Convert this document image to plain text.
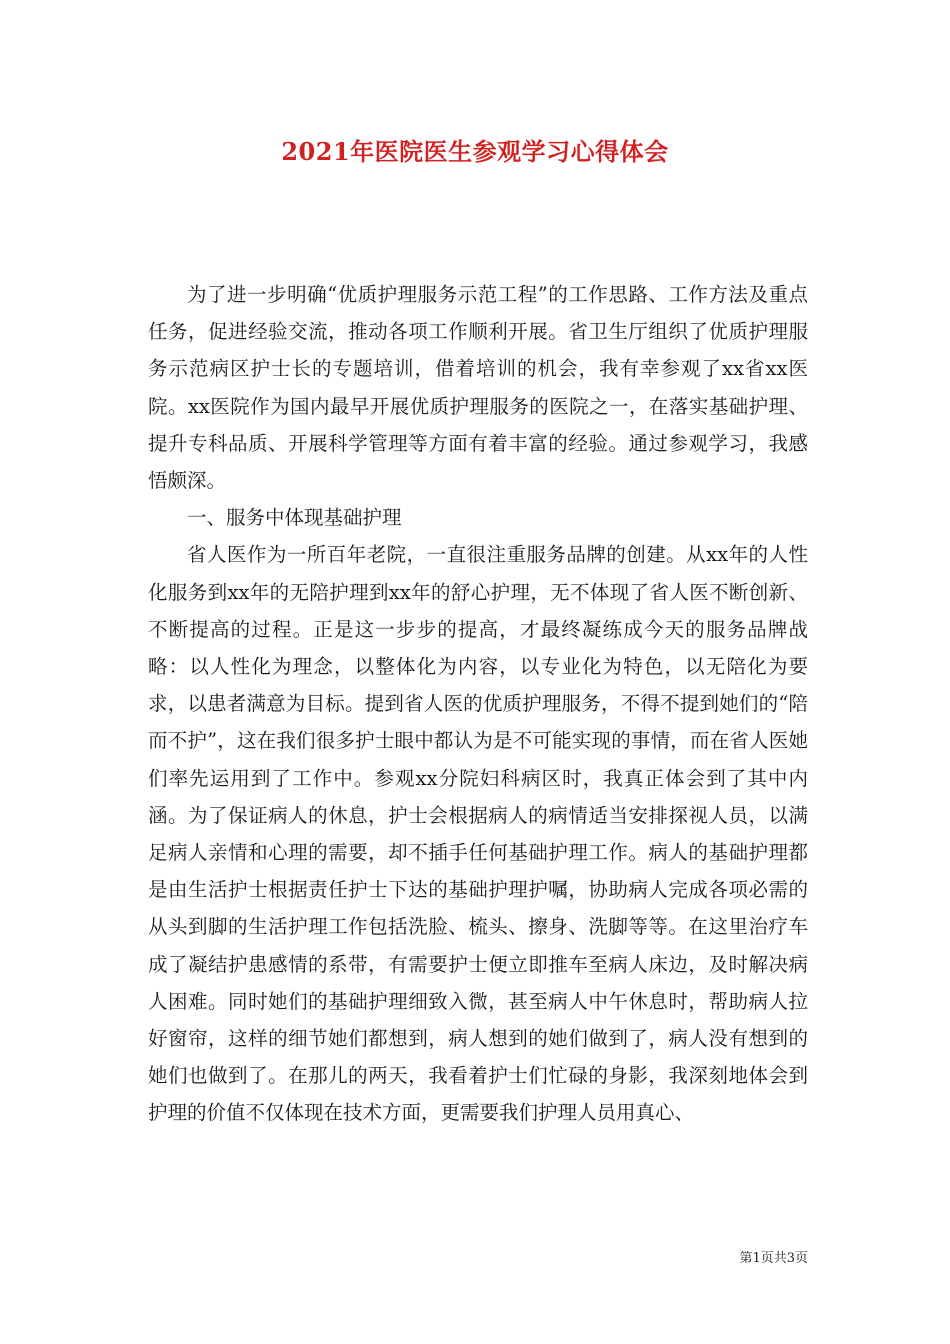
2021年医院医生参观学习心得体会

为了进一步明确“优质护理服务示范工程”的工作思路、工作方法及重点任务，促进经验交流，推动各项工作顺利开展。省卫生厅组织了优质护理服务示范病区护士长的专题培训，借着培训的机会，我有幸参观了xx省xx医院。xx医院作为国内最早开展优质护理服务的医院之一，在落实基础护理、提升专科品质、开展科学管理等方面有着丰富的经验。通过参观学习，我感悟颇深。

一、服务中体现基础护理

省人医作为一所百年老院，一直很注重服务品牌的创建。从xx年的人性化服务到xx年的无陪护理到xx年的舒心护理，无不体现了省人医不断创新、不断提高的过程。正是这一步步的提高，才最终凝练成今天的服务品牌战略：以人性化为理念，以整体化为内容，以专业化为特色，以无陪化为要求，以患者满意为目标。提到省人医的优质护理服务，不得不提到她们的“陪而不护”，这在我们很多护士眼中都认为是不可能实现的事情，而在省人医她们率先运用到了工作中。参观xx分院妇科病区时，我真正体会到了其中内涵。为了保证病人的休息，护士会根据病人的病情适当安排探视人员，以满足病人亲情和心理的需要，却不插手任何基础护理工作。病人的基础护理都是由生活护士根据责任护士下达的基础护理护嘱，协助病人完成各项必需的从头到脚的生活护理工作包括洗脸、梳头、擦身、洗脚等等。在这里治疗车成了凝结护患感情的系带，有需要护士便立即推车至病人床边，及时解决病人困难。同时她们的基础护理细致入微，甚至病人中午休息时，帮助病人拉好窗帘，这样的细节她们都想到，病人想到的她们做到了，病人没有想到的她们也做到了。在那儿的两天，我看着护士们忙碌的身影，我深刻地体会到护理的价值不仅体现在技术方面，更需要我们护理人员用真心、

第1页共3页
